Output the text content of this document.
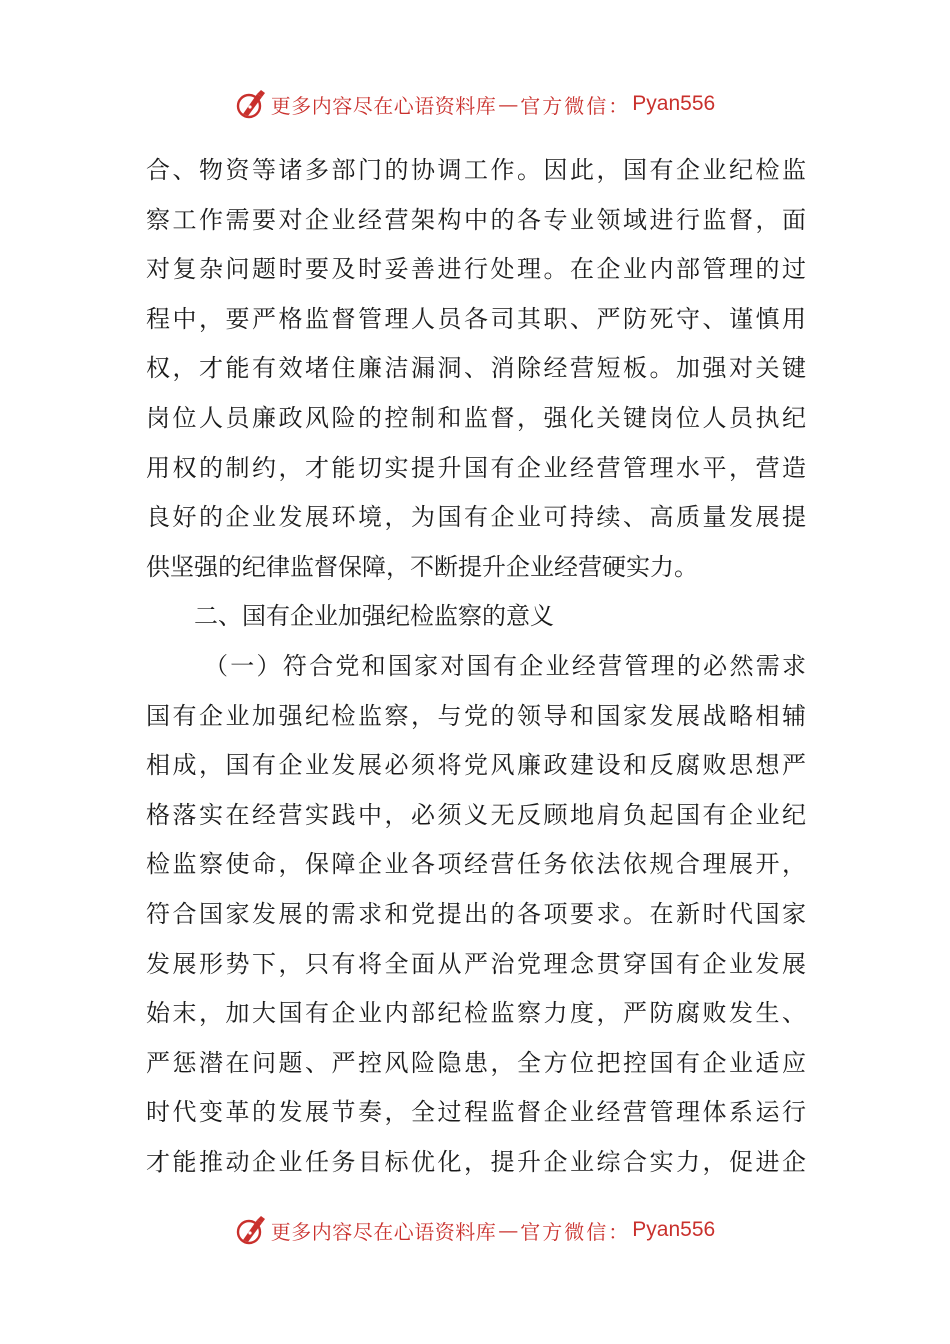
更多内容尽在心语资料库 — 官方微信： Pyan556
合、物资等诸多部门的协调工作。因此，国有企业纪检监
察工作需要对企业经营架构中的各专业领域进行监督，面
对复杂问题时要及时妥善进行处理。在企业内部管理的过
程中，要严格监督管理人员各司其职、严防死守、谨慎用
权，才能有效堵住廉洁漏洞、消除经营短板。加强对关键
岗位人员廉政风险的控制和监督，强化关键岗位人员执纪
用权的制约，才能切实提升国有企业经营管理水平，营造
良好的企业发展环境，为国有企业可持续、高质量发展提
供坚强的纪律监督保障，不断提升企业经营硬实力。
二、国有企业加强纪检监察的意义
（一）符合党和国家对国有企业经营管理的必然需求
国有企业加强纪检监察，与党的领导和国家发展战略相辅
相成，国有企业发展必须将党风廉政建设和反腐败思想严
格落实在经营实践中，必须义无反顾地肩负起国有企业纪
检监察使命，保障企业各项经营任务依法依规合理展开，
符合国家发展的需求和党提出的各项要求。在新时代国家
发展形势下，只有将全面从严治党理念贯穿国有企业发展
始末，加大国有企业内部纪检监察力度，严防腐败发生、
严惩潜在问题、严控风险隐患，全方位把控国有企业适应
时代变革的发展节奏，全过程监督企业经营管理体系运行
才能推动企业任务目标优化，提升企业综合实力，促进企
更多内容尽在心语资料库 — 官方微信： Pyan556
